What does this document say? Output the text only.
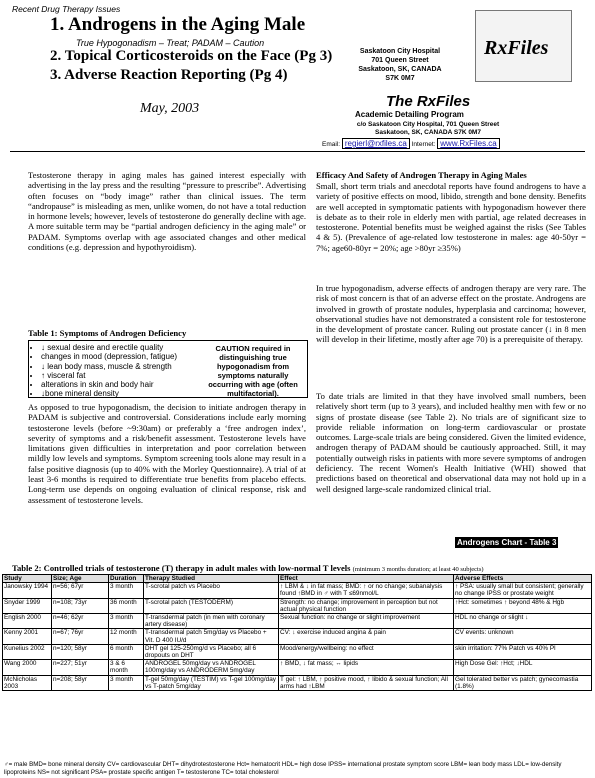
Recent Drug Therapy Issues
1. Androgens in the Aging Male
True Hypogonadism – Treat; PADAM – Caution
2. Topical Corticosteroids on the Face (Pg 3)
3. Adverse Reaction Reporting (Pg 4)
May, 2003
Saskatoon City Hospital
701 Queen Street
Saskatoon, SK, CANADA
S7K 0M7
RxFiles
The RxFiles
Academic Detailing Program
c/o Saskatoon City Hospital, 701 Queen Street
Saskatoon, SK, CANADA S7K 0M7
Email: regierl@rxfiles.ca Internet: www.RxFiles.ca
Testosterone therapy in aging males has gained interest especially with advertising in the lay press and the resulting “pressure to prescribe”. Advertising often focuses on “body image” rather than clinical issues. The term “andropause” is misleading as men, unlike women, do not have a total reduction in hormone levels; however, levels of testosterone do generally decline with age. A more suitable term may be “partial androgen deficiency in the aging male” or PADAM. Symptoms overlap with age associated changes and other medical conditions (e.g. depression and hypothyroidism).
Table 1: Symptoms of Androgen Deficiency
• ↓ sexual desire and erectile quality
• changes in mood (depression, fatigue)
• ↓ lean body mass, muscle & strength
• ↑ visceral fat
• alterations in skin and body hair
• ↓bone mineral density
CAUTION required in distinguishing true hypogonadism from symptoms naturally occurring with age (often multifactorial).
As opposed to true hypogonadism, the decision to initiate androgen therapy in PADAM is subjective and controversial. Considerations include early morning testosterone levels (before ~9:30am) or preferably a ‘free androgen index’, severity of symptoms and a risk/benefit assessment. Testosterone levels have limitations given difficulties in interpretation and poor correlation between mildly low levels and symptoms. Symptom screening tools alone may result in a false positive diagnosis (up to 40% with the Morley Questionnaire). A trial of at least 3-6 months is required to differentiate true benefits from placebo effects. Long-term use depends on ongoing evaluation of clinical response, risk and assessment of testosterone levels.
Efficacy And Safety of Androgen Therapy in Aging Males
Small, short term trials and anecdotal reports have found androgens to have a variety of positive effects on mood, libido, strength and bone density. Benefits are well accepted in symptomatic patients with hypogonadism however there is debate as to their role in elderly men with partial, age related decreases in testosterone. Potential benefits must be weighed against the risks (See Tables 4 & 5). (Prevalence of age-related low testosterone in males: age 40-50yr = 7%; age60-80yr = 20%; age >80yr ≥35%)
In true hypogonadism, adverse effects of androgen therapy are very rare. The risk of most concern is that of an adverse effect on the prostate. Androgens are involved in growth of prostate nodules, hyperplasia and carcinoma; however, observational studies have not demonstrated a consistent role for testosterone in the development of prostate cancer. Ruling out prostate cancer (↓ in 8 men will develop in their lifetime, mostly after age 70) is a prerequisite of therapy.
To date trials are limited in that they have involved small numbers, been relatively short term (up to 3 years), and included healthy men with few or no signs of prostate disease (see Table 2). No trials are of significant size to provide reliable information on long-term cardiovascular or prostate outcomes. Large-scale trials are being considered. Given the limited evidence, androgen therapy of PADAM should be cautiously approached. Still, it may potentially outweigh risks in patients with more severe symptoms of androgen deficiency. The recent Women's Health Initiative (WHI) showed that predictions based on theoretical and observational data may not hold up in a well designed large-scale randomized clinical trial.
Androgens Chart - Table 3
Table 2: Controlled trials of testosterone (T) therapy in adult males with low-normal T levels (minimum 3 months duration; at least 40 subjects)
Study	Size; Age	Duration	Therapy Studied	Effect	Adverse Effects
Janowsky 1994	n=56; 67yr	3 month	T-scrotal patch vs Placebo	↑ LBM & ↓ in fat mass; BMD: ↑ or no change; subanalysis found ↑BMD in ♂ with T ≤69nmol/L	↑ PSA: usually small but consistent; generally no change IPSS or prostate weight
Snyder 1999	n=108; 73yr	36 month	T-scrotal patch (TESTODERM)	Strength: no change; improvement in perception but not actual physical function	↑Hct: sometimes ↑ beyond 48% & Hgb
English 2000	n=46; 62yr	3 month	T-transdermal patch (in men with coronary artery disease)	Sexual function: no change or slight improvement	HDL no change or slight ↓
Kenny 2001	n=67; 76yr	12 month	T-transdermal patch 5mg/day vs Placebo + Vit. D 400 IU/d	CV: ↓ exercise induced angina & pain	CV events: unknown
Kunelius 2002	n=120; 58yr	6 month	DHT gel 125-250mg/d vs Placebo; all 6 dropouts on DHT	Mood/energy/wellbeing: no effect	skin irritation: 77% Patch vs 40% Pl
Wang 2000	n=227; 51yr	3 & 6 month	ANDROGEL 50mg/day vs ANDROGEL 100mg/day vs ANDRODERM 5mg/day	↑ BMD, ↓ fat mass; ↔ lipids	High Dose Gel: ↑Hct; ↓HDL
McNicholas 2003	n=208; 58yr	3 month	T-gel 50mg/day (TESTIM) vs T-gel 100mg/day vs T-patch 5mg/day	T gel: ↑ LBM, ↑ positive mood, ↑ libido & sexual function; All arms had ↑LBM	Gel tolerated better vs patch; gynecomastia (1.8%)
♂= male BMD= bone mineral density CV= cardiovascular DHT= dihydrotestosterone Hct= hematocrit HDL= high dose IPSS= international prostate symptom score LBM= lean body mass LDL= low-density lipoproteins NS= not significant PSA= prostate specific antigen T= testosterone TC= total cholesterol
